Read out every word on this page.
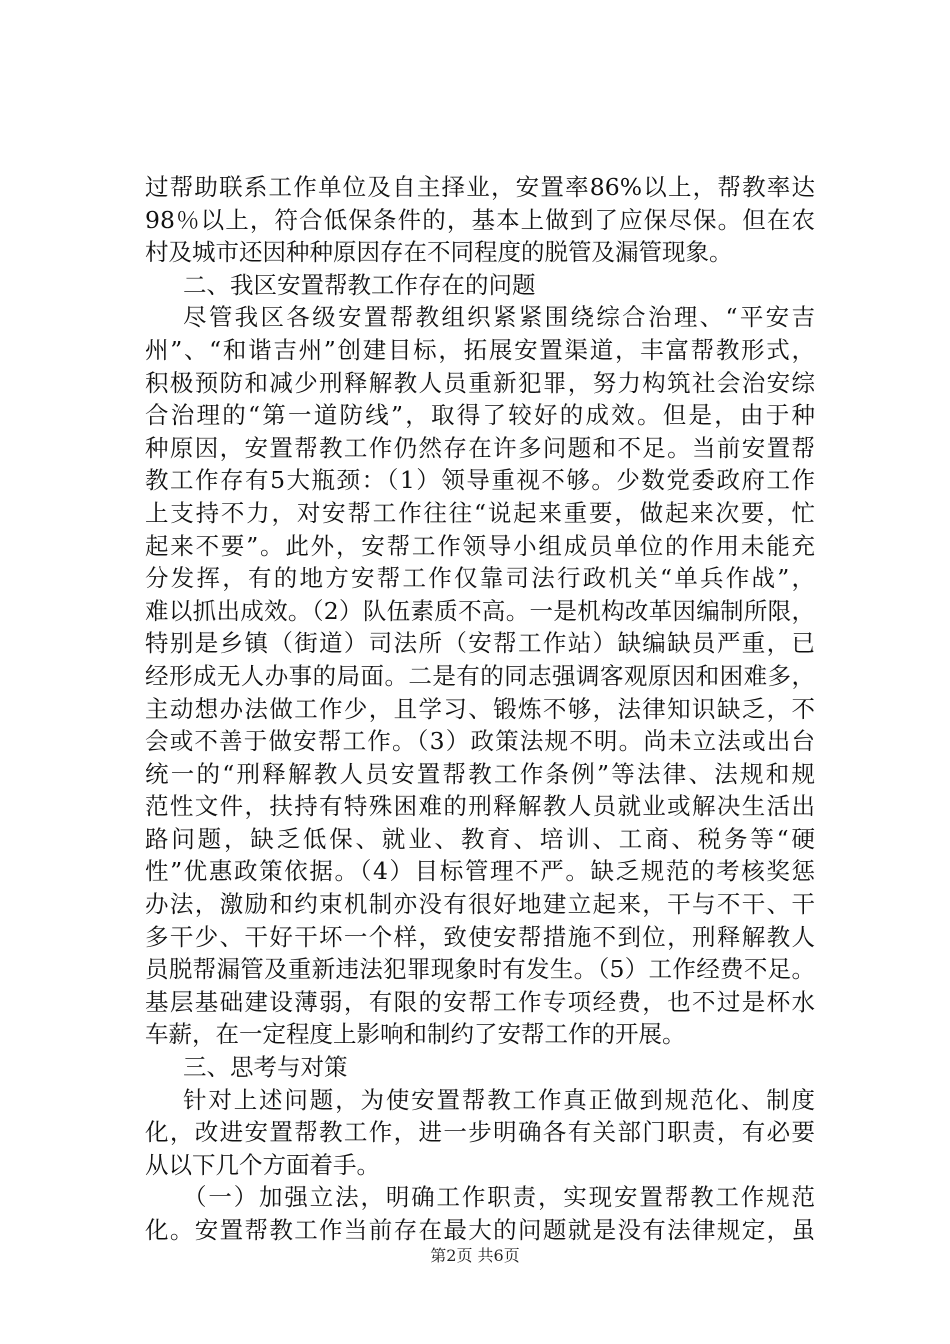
过帮助联系工作单位及自主择业，安置率86%以上，帮教率达
98％以上，符合低保条件的，基本上做到了应保尽保。但在农
村及城市还因种种原因存在不同程度的脱管及漏管现象。
二、我区安置帮教工作存在的问题
尽管我区各级安置帮教组织紧紧围绕综合治理、“平安吉
州”、“和谐吉州”创建目标，拓展安置渠道，丰富帮教形式，
积极预防和减少刑释解教人员重新犯罪，努力构筑社会治安综
合治理的“第一道防线”，取得了较好的成效。但是，由于种
种原因，安置帮教工作仍然存在许多问题和不足。当前安置帮
教工作存有5大瓶颈：（1）领导重视不够。少数党委政府工作
上支持不力，对安帮工作往往“说起来重要，做起来次要，忙
起来不要”。此外，安帮工作领导小组成员单位的作用未能充
分发挥，有的地方安帮工作仅靠司法行政机关“单兵作战”，
难以抓出成效。（2）队伍素质不高。一是机构改革因编制所限，
特别是乡镇（街道）司法所（安帮工作站）缺编缺员严重，已
经形成无人办事的局面。二是有的同志强调客观原因和困难多，
主动想办法做工作少，且学习、锻炼不够，法律知识缺乏，不
会或不善于做安帮工作。（3）政策法规不明。尚未立法或出台
统一的“刑释解教人员安置帮教工作条例”等法律、法规和规
范性文件，扶持有特殊困难的刑释解教人员就业或解决生活出
路问题，缺乏低保、就业、教育、培训、工商、税务等“硬
性”优惠政策依据。（4）目标管理不严。缺乏规范的考核奖惩
办法，激励和约束机制亦没有很好地建立起来，干与不干、干
多干少、干好干坏一个样，致使安帮措施不到位，刑释解教人
员脱帮漏管及重新违法犯罪现象时有发生。（5）工作经费不足。
基层基础建设薄弱，有限的安帮工作专项经费，也不过是杯水
车薪，在一定程度上影响和制约了安帮工作的开展。
三、思考与对策
针对上述问题，为使安置帮教工作真正做到规范化、制度
化，改进安置帮教工作，进一步明确各有关部门职责，有必要
从以下几个方面着手。
（一）加强立法，明确工作职责，实现安置帮教工作规范
化。安置帮教工作当前存在最大的问题就是没有法律规定，虽
第2页 共6页
